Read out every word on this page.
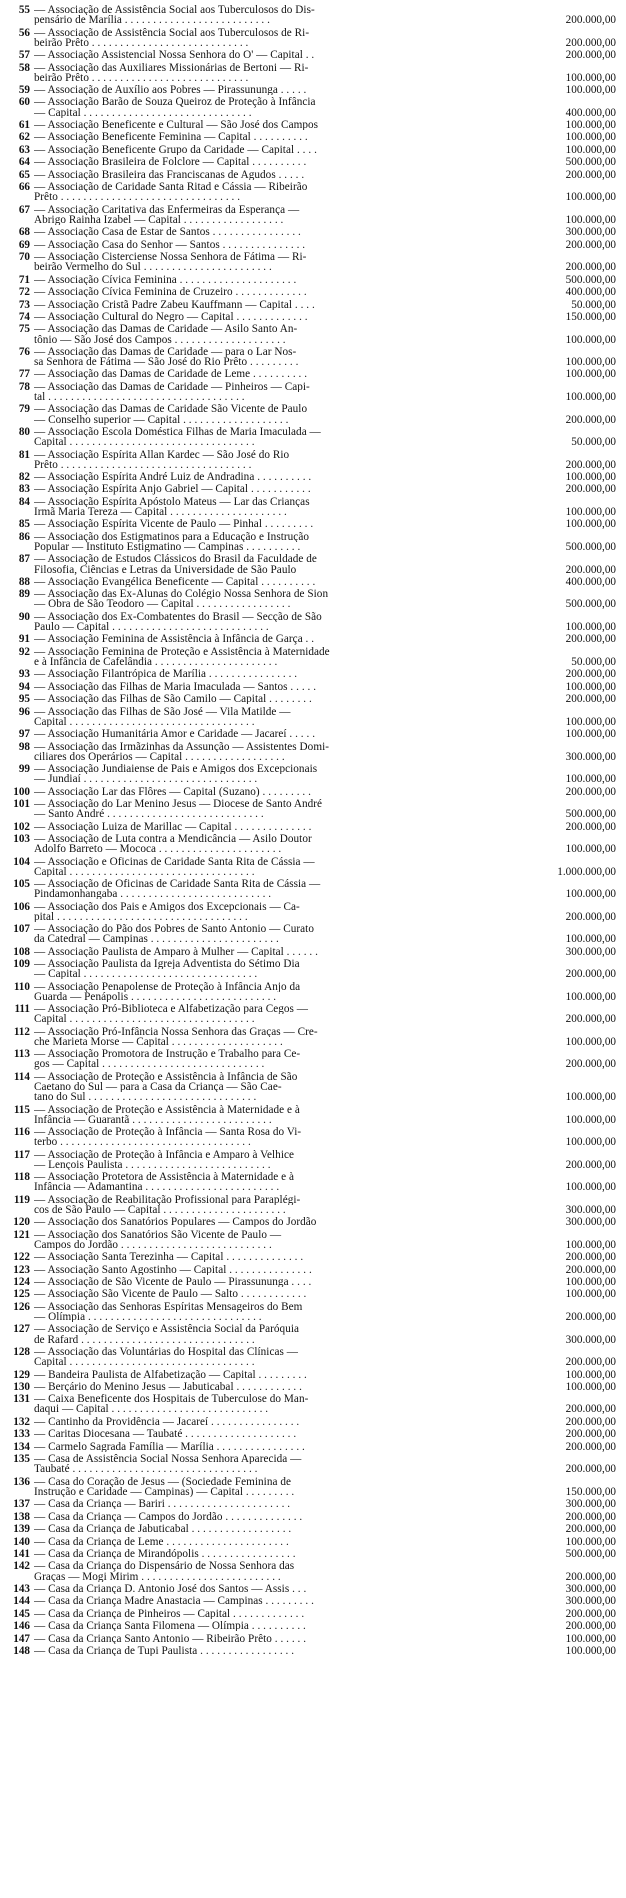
55 — Associação de Assistência Social aos Tuberculosos do Dis-
pensário de Marília . . . . . . . . . . . . . . . . . . . . . . . . . .	200.000,00
56 — Associação de Assistência Social aos Tuberculosos de Ri-
beirão Prêto . . . . . . . . . . . . . . . . . . . . . . . . . . . .	200.000,00
57 — Associação Assistencial Nossa Senhora do O' — Capital . .	200.000,00
58 — Associação das Auxiliares Missionárias de Bertoni — Ri-
beirão Prêto . . . . . . . . . . . . . . . . . . . . . . . . . . . .	100.000,00
59 — Associação de Auxílio aos Pobres — Pirassununga . . . . .	100.000,00
60 — Associação Barão de Souza Queiroz de Proteção à Infância
— Capital . . . . . . . . . . . . . . . . . . . . . . . . . . . . . .	400.000,00
61 — Associação Beneficente e Cultural — São José dos Campos	100.000,00
62 — Associação Beneficente Feminina — Capital . . . . . . . . . .	100.000,00
63 — Associação Beneficente Grupo da Caridade — Capital . . . .	100.000,00
64 — Associação Brasileira de Folclore — Capital . . . . . . . . . .	500.000,00
65 — Associação Brasileira das Franciscanas de Agudos . . . . .	200.000,00
66 — Associação de Caridade Santa Ritad e Cássia — Ribeirão
Prêto . . . . . . . . . . . . . . . . . . . . . . . . . . . . . . . .	100.000,00
67 — Associação Caritativa das Enfermeiras da Esperança —
Abrigo Rainha Izabel — Capital . . . . . . . . . . . . . . . . . .	100.000,00
68 — Associação Casa de Estar de Santos . . . . . . . . . . . . . . . .	300.000,00
69 — Associação Casa do Senhor — Santos . . . . . . . . . . . . . . .	200.000,00
70 — Associação Cisterciense Nossa Senhora de Fátima — Ri-
beirão Vermelho do Sul . . . . . . . . . . . . . . . . . . . . . . .	200.000,00
71 — Associação Cívica Feminina . . . . . . . . . . . . . . . . . . . . .	500.000,00
72 — Associação Cívica Feminina de Cruzeiro . . . . . . . . . . . . .	400.000,00
73 — Associação Cristã Padre Zabeu Kauffmann — Capital . . . .	50.000,00
74 — Associação Cultural do Negro — Capital . . . . . . . . . . . . .	150.000,00
75 — Associação das Damas de Caridade — Asilo Santo An-
tônio — São José dos Campos . . . . . . . . . . . . . . . . . . . .	100.000,00
76 — Associação das Damas de Caridade — para o Lar Nos-
sa Senhora de Fátima — São José do Rio Prêto . . . . . . . . .	100.000,00
77 — Associação das Damas de Caridade de Leme . . . . . . . . . .	100.000,00
78 — Associação das Damas de Caridade — Pinheiros — Capi-
tal . . . . . . . . . . . . . . . . . . . . . . . . . . . . . . . . . . .	100.000,00
79 — Associação das Damas de Caridade São Vicente de Paulo
— Conselho superior — Capital . . . . . . . . . . . . . . . . . . .	200.000,00
80 — Associação Escola Doméstica Filhas de Maria Imaculada —
Capital . . . . . . . . . . . . . . . . . . . . . . . . . . . . . . . . .	50.000,00
81 — Associação Espírita Allan Kardec — São José do Rio
Prêto . . . . . . . . . . . . . . . . . . . . . . . . . . . . . . . . . .	200.000,00
82 — Associação Espírita André Luiz de Andradina . . . . . . . . . .	100.000,00
83 — Associação Espírita Anjo Gabriel — Capital . . . . . . . . . . .	200.000,00
84 — Associação Espírita Apóstolo Mateus — Lar das Crianças
Irmã Maria Tereza — Capital . . . . . . . . . . . . . . . . . . . . .	100.000,00
85 — Associação Espírita Vicente de Paulo — Pinhal . . . . . . . . .	100.000,00
86 — Associação dos Estigmatinos para a Educação e Instrução
Popular — Instituto Estigmatino — Campinas . . . . . . . . . .	500.000,00
87 — Associação de Estudos Clássicos do Brasil da Faculdade de
Filosofia, Ciências e Letras da Universidade de São Paulo	200.000,00
88 — Associação Evangélica Beneficente — Capital . . . . . . . . . .	400.000,00
89 — Associação das Ex-Alunas do Colégio Nossa Senhora de Sion
— Obra de São Teodoro — Capital . . . . . . . . . . . . . . . . .	500.000,00
90 — Associação dos Ex-Combatentes do Brasil — Secção de São
Paulo — Capital . . . . . . . . . . . . . . . . . . . . . . . . . . . .	100.000,00
91 — Associação Feminina de Assistência à Infância de Garça . .	200.000,00
92 — Associação Feminina de Proteção e Assistência à Maternidade
e à Infância de Cafelândia . . . . . . . . . . . . . . . . . . . . . .	50.000,00
93 — Associação Filantrópica de Marília . . . . . . . . . . . . . . . .	200.000,00
94 — Associação das Filhas de Maria Imaculada — Santos . . . . .	100.000,00
95 — Associação das Filhas de São Camilo — Capital . . . . . . . .	200.000,00
96 — Associação das Filhas de São José — Vila Matilde —
Capital . . . . . . . . . . . . . . . . . . . . . . . . . . . . . . . . .	100.000,00
97 — Associação Humanitária Amor e Caridade — Jacareí . . . . .	100.000,00
98 — Associação das Irmãzinhas da Assunção — Assistentes Domi-
ciliares dos Operários — Capital . . . . . . . . . . . . . . . . . .	300.000,00
99 — Associação Jundiaiense de Pais e Amigos dos Excepcionais
— Jundiaí . . . . . . . . . . . . . . . . . . . . . . . . . . . . . . .	100.000,00
100 — Associação Lar das Flôres — Capital (Suzano) . . . . . . . . .	200.000,00
101 — Associação do Lar Menino Jesus — Diocese de Santo André
— Santo André . . . . . . . . . . . . . . . . . . . . . . . . . . . .	500.000,00
102 — Associação Luiza de Marillac — Capital . . . . . . . . . . . . . .	200.000,00
103 — Associação de Luta contra a Mendicância — Asilo Doutor
Adolfo Barreto — Mococa . . . . . . . . . . . . . . . . . . . . . .	100.000,00
104 — Associação e Oficinas de Caridade Santa Rita de Cássia —
Capital . . . . . . . . . . . . . . . . . . . . . . . . . . . . . . . . .	1.000.000,00
105 — Associação de Oficinas de Caridade Santa Rita de Cássia —
Pindamonhangaba . . . . . . . . . . . . . . . . . . . . . . . . . . .	100.000,00
106 — Associação dos Pais e Amigos dos Excepcionais — Ca-
pital . . . . . . . . . . . . . . . . . . . . . . . . . . . . . . . . . .	200.000,00
107 — Associação do Pão dos Pobres de Santo Antonio — Curato
da Catedral — Campinas . . . . . . . . . . . . . . . . . . . . . . .	100.000,00
108 — Associação Paulista de Amparo à Mulher — Capital . . . . . .	300.000,00
109 — Associação Paulista da Igreja Adventista do Sétimo Dia
— Capital . . . . . . . . . . . . . . . . . . . . . . . . . . . . . . .	200.000,00
110 — Associação Penapolense de Proteção à Infância Anjo da
Guarda — Penápolis . . . . . . . . . . . . . . . . . . . . . . . . . .	100.000,00
111 — Associação Pró-Biblioteca e Alfabetização para Cegos —
Capital . . . . . . . . . . . . . . . . . . . . . . . . . . . . . . . . .	200.000,00
112 — Associação Pró-Infância Nossa Senhora das Graças — Cre-
che Marieta Morse — Capital . . . . . . . . . . . . . . . . . . . .	100.000,00
113 — Associação Promotora de Instrução e Trabalho para Ce-
gos — Capital . . . . . . . . . . . . . . . . . . . . . . . . . . . . .	200.000,00
114 — Associação de Proteção e Assistência à Infância de São
Caetano do Sul — para a Casa da Criança — São Cae-
tano do Sul . . . . . . . . . . . . . . . . . . . . . . . . . . . . . .	100.000,00
115 — Associação de Proteção e Assistência à Maternidade e à
Infância — Guarantã . . . . . . . . . . . . . . . . . . . . . . . . .	100.000,00
116 — Associação de Proteção à Infância — Santa Rosa do Vi-
terbo . . . . . . . . . . . . . . . . . . . . . . . . . . . . . . . . . .	100.000,00
117 — Associação de Proteção à Infância e Amparo à Velhice
— Lençois Paulista . . . . . . . . . . . . . . . . . . . . . . . . . .	200.000,00
118 — Associação Protetora de Assistência à Maternidade e à
Infância — Adamantina . . . . . . . . . . . . . . . . . . . . . . . .	100.000,00
119 — Associação de Reabilitação Profissional para Paraplégi-
cos de São Paulo — Capital . . . . . . . . . . . . . . . . . . . . . .	300.000,00
120 — Associação dos Sanatórios Populares — Campos do Jordão	300.000,00
121 — Associação dos Sanatórios São Vicente de Paulo —
Campos do Jordão . . . . . . . . . . . . . . . . . . . . . . . . . . .	100.000,00
122 — Associação Santa Terezinha — Capital . . . . . . . . . . . . . .	200.000,00
123 — Associação Santo Agostinho — Capital . . . . . . . . . . . . . . .	200.000,00
124 — Associação de São Vicente de Paulo — Pirassununga . . . .	100.000,00
125 — Associação São Vicente de Paulo — Salto . . . . . . . . . . . .	100.000,00
126 — Associação das Senhoras Espíritas Mensageiros do Bem
— Olímpia . . . . . . . . . . . . . . . . . . . . . . . . . . . . . . .	200.000,00
127 — Associação de Serviço e Assistência Social da Paróquia
de Rafard . . . . . . . . . . . . . . . . . . . . . . . . . . . . . . .	300.000,00
128 — Associação das Voluntárias do Hospital das Clínicas —
Capital . . . . . . . . . . . . . . . . . . . . . . . . . . . . . . . . .	200.000,00
129 — Bandeira Paulista de Alfabetização — Capital . . . . . . . . .	100.000,00
130 — Berçário do Menino Jesus — Jabuticabal . . . . . . . . . . . .	100.000,00
131 — Caixa Beneficente dos Hospitais de Tuberculose do Man-
daqui — Capital . . . . . . . . . . . . . . . . . . . . . . . . . . . .	200.000,00
132 — Cantinho da Providência — Jacareí . . . . . . . . . . . . . . . .	200.000,00
133 — Caritas Diocesana — Taubaté . . . . . . . . . . . . . . . . . . . .	200.000,00
134 — Carmelo Sagrada Família — Marília . . . . . . . . . . . . . . . .	200.000,00
135 — Casa de Assistência Social Nossa Senhora Aparecida —
Taubaté . . . . . . . . . . . . . . . . . . . . . . . . . . . . . . . . .	200.000,00
136 — Casa do Coração de Jesus — (Sociedade Feminina de
Instrução e Caridade — Campinas) — Capital . . . . . . . . .	150.000,00
137 — Casa da Criança — Bariri . . . . . . . . . . . . . . . . . . . . . .	300.000,00
138 — Casa da Criança — Campos do Jordão . . . . . . . . . . . . . .	200.000,00
139 — Casa da Criança de Jabuticabal . . . . . . . . . . . . . . . . . .	200.000,00
140 — Casa da Criança de Leme . . . . . . . . . . . . . . . . . . . . . .	100.000,00
141 — Casa da Criança de Mirandópolis . . . . . . . . . . . . . . . . .	500.000,00
142 — Casa da Criança do Dispensário de Nossa Senhora das
Graças — Mogi Mirim . . . . . . . . . . . . . . . . . . . . . . . . .	200.000,00
143 — Casa da Criança D. Antonio José dos Santos — Assis . . .	300.000,00
144 — Casa da Criança Madre Anastacia — Campinas . . . . . . . . .	300.000,00
145 — Casa da Criança de Pinheiros — Capital . . . . . . . . . . . . .	200.000,00
146 — Casa da Criança Santa Filomena — Olímpia . . . . . . . . . .	200.000,00
147 — Casa da Criança Santo Antonio — Ribeirão Prêto . . . . . .	100.000,00
148 — Casa da Criança de Tupi Paulista . . . . . . . . . . . . . . . . .	100.000,00
